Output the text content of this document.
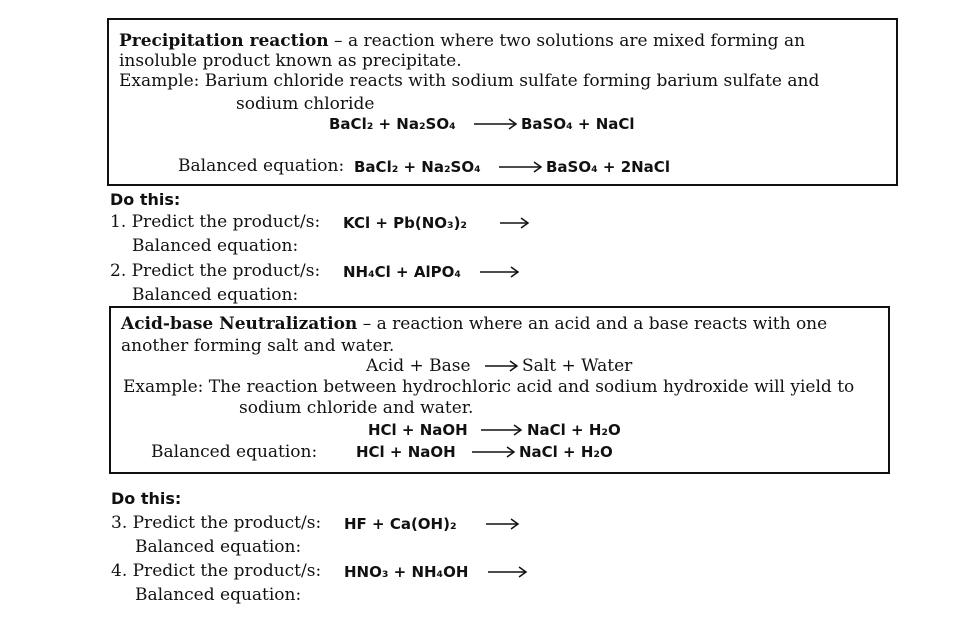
Precipitation reaction – a reaction where two solutions are mixed forming an
insoluble product known as precipitate.
Example: Barium chloride reacts with sodium sulfate forming barium sulfate and
sodium chloride
BaCl₂ + Na₂SO₄ → BaSO₄ + NaCl
Balanced equation: BaCl₂ + Na₂SO₄ → BaSO₄ + 2NaCl
Do this:
1. Predict the product/s: KCl + Pb(NO₃)₂
Balanced equation:
2. Predict the product/s: NH₄Cl + AlPO₄ →
Balanced equation:
Acid-base Neutralization – a reaction where an acid and a base reacts with one
another forming salt and water.
Acid + Base → Salt + Water
Example: The reaction between hydrochloric acid and sodium hydroxide will yield to
sodium chloride and water.
HCl + NaOH → NaCl + H₂O
Balanced equation:	HCl + NaOH → NaCl + H₂O
Do this:
3. Predict the product/s: HF + Ca(OH)₂
Balanced equation:
4. Predict the product/s: HNO₃ + NH₄OH →
Balanced equation:
